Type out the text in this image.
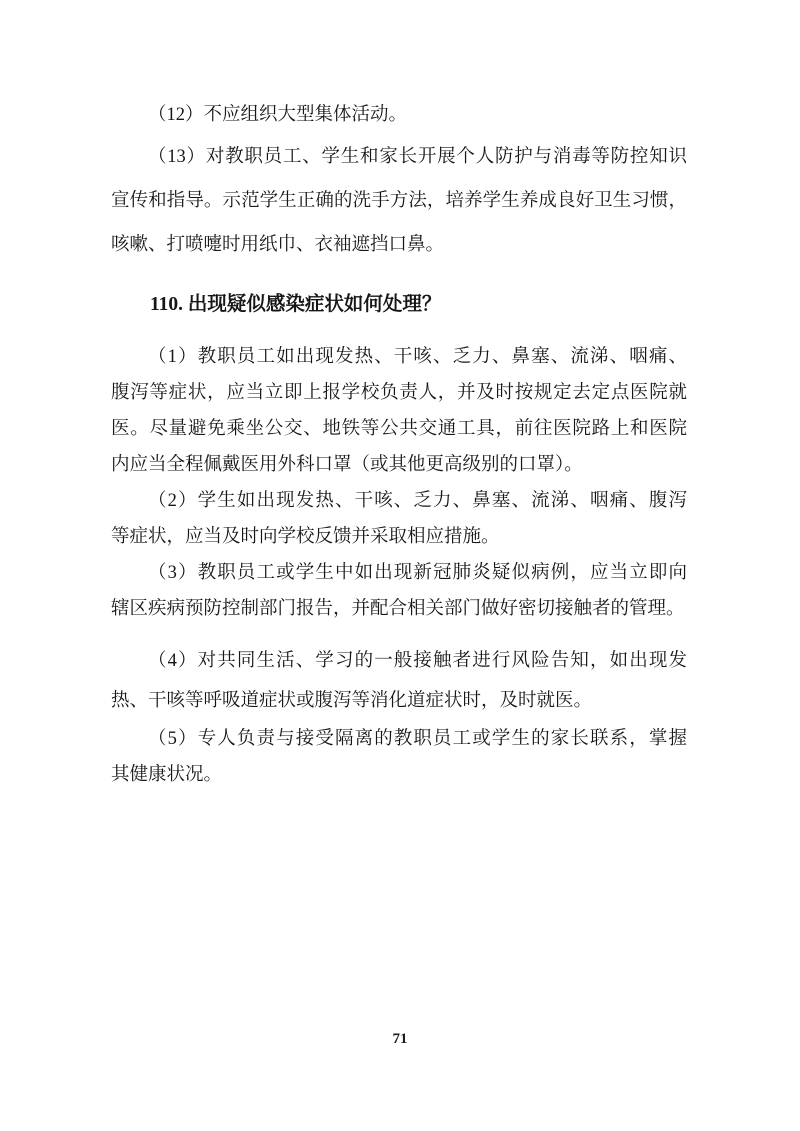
（12）不应组织大型集体活动。
（13）对教职员工、学生和家长开展个人防护与消毒等防控知识
宣传和指导。示范学生正确的洗手方法，培养学生养成良好卫生习惯，
咳嗽、打喷嚏时用纸巾、衣袖遮挡口鼻。
110. 出现疑似感染症状如何处理？
（1）教职员工如出现发热、干咳、乏力、鼻塞、流涕、咽痛、
腹泻等症状，应当立即上报学校负责人，并及时按规定去定点医院就
医。尽量避免乘坐公交、地铁等公共交通工具，前往医院路上和医院
内应当全程佩戴医用外科口罩（或其他更高级别的口罩）。
（2）学生如出现发热、干咳、乏力、鼻塞、流涕、咽痛、腹泻
等症状，应当及时向学校反馈并采取相应措施。
（3）教职员工或学生中如出现新冠肺炎疑似病例，应当立即向
辖区疾病预防控制部门报告，并配合相关部门做好密切接触者的管理。
（4）对共同生活、学习的一般接触者进行风险告知，如出现发
热、干咳等呼吸道症状或腹泻等消化道症状时，及时就医。
（5）专人负责与接受隔离的教职员工或学生的家长联系，掌握
其健康状况。
71
